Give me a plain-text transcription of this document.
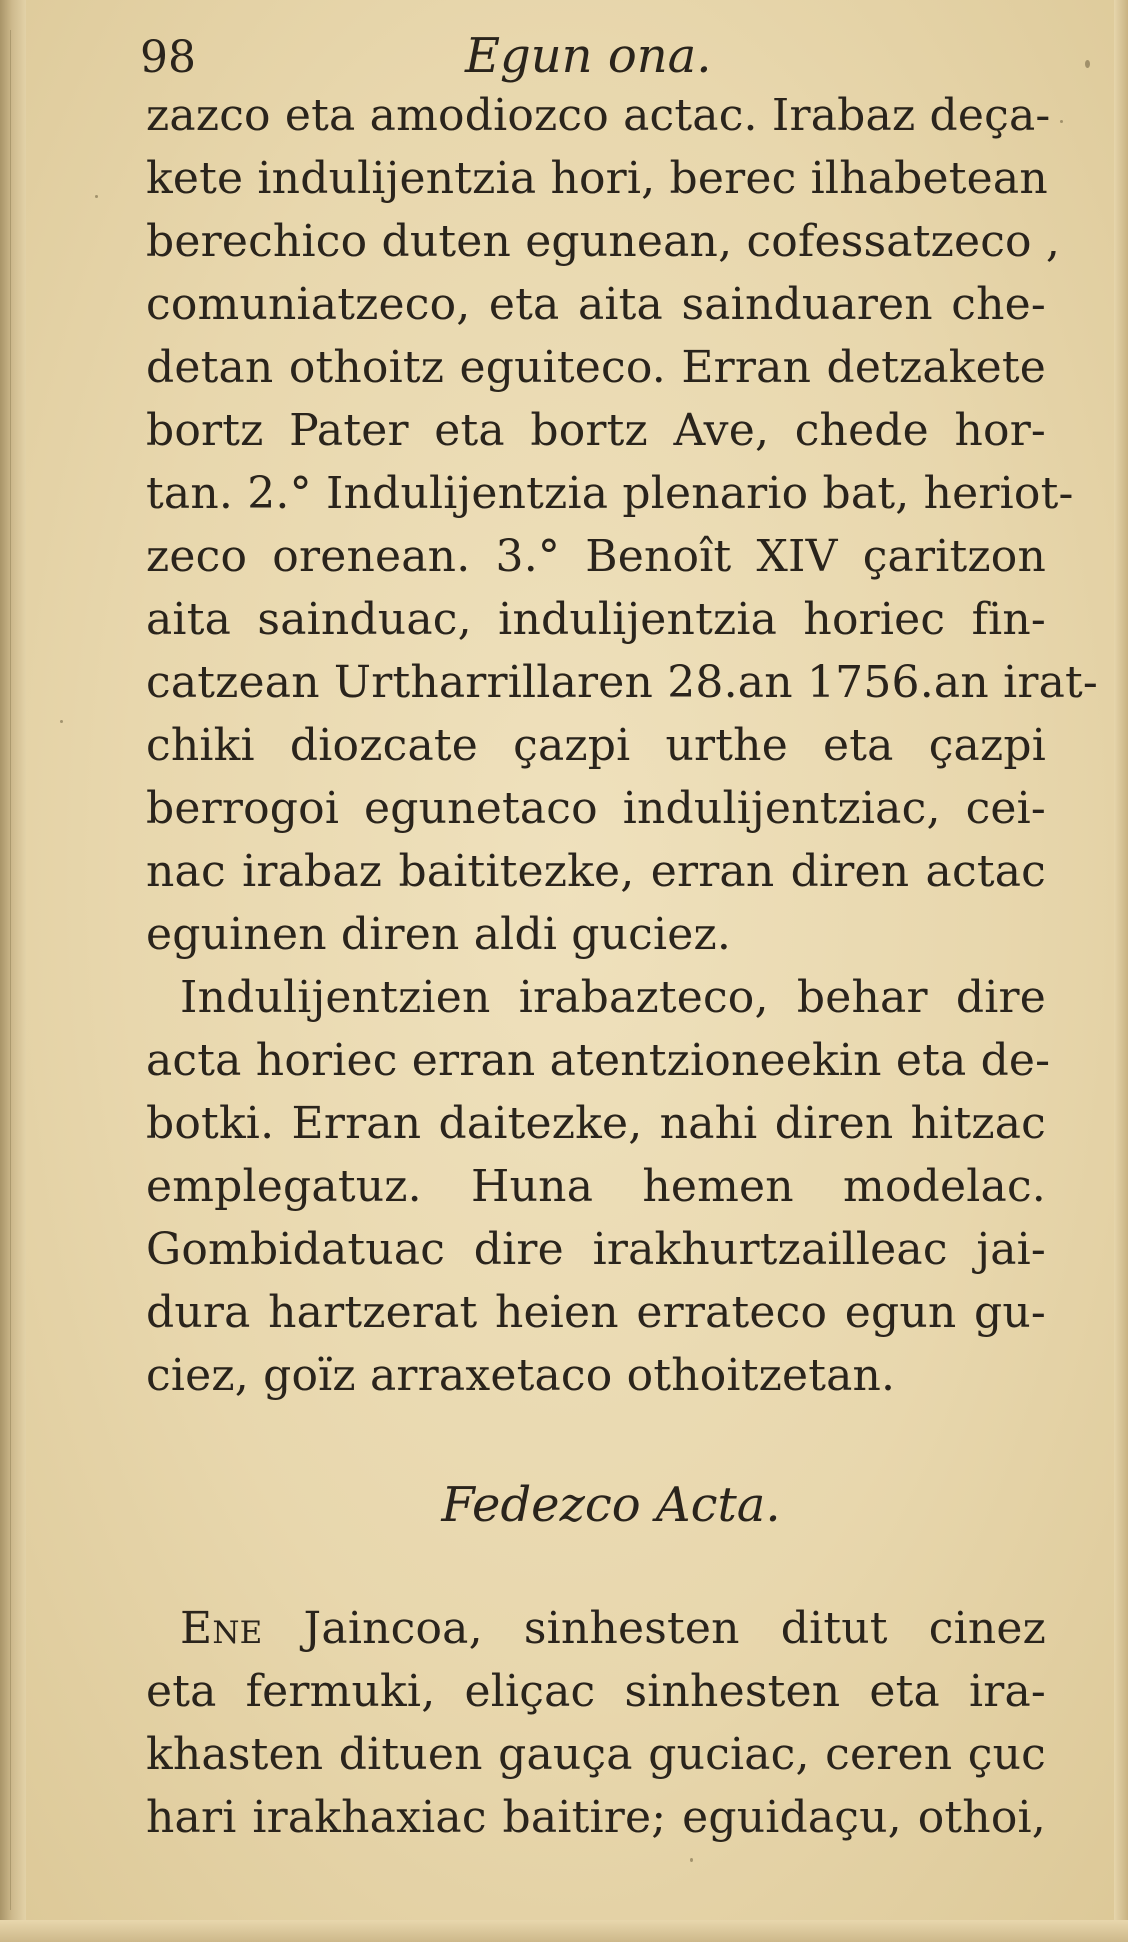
98	Egun ona.
zazco eta amodiozco actac. Irabaz deça-
kete indulijentzia hori, berec ilhabetean
berechico duten egunean, cofessatzeco ,
comuniatzeco, eta aita sainduaren che-
detan othoitz eguiteco. Erran detzakete
bortz Pater eta bortz Ave, chede hor-
tan. 2.° Indulijentzia plenario bat, heriot-
zeco orenean. 3.° Benoît XIV çaritzon
aita sainduac, indulijentzia horiec fin-
catzean Urtharrillaren 28.an 1756.an irat-
chiki diozcate çazpi urthe eta çazpi
berrogoi egunetaco indulijentziac, cei-
nac irabaz baititezke, erran diren actac
eguinen diren aldi guciez.
Indulijentzien irabazteco, behar dire
acta horiec erran atentzioneekin eta de-
botki. Erran daitezke, nahi diren hitzac
emplegatuz. Huna hemen modelac.
Gombidatuac dire irakhurtzailleac jai-
dura hartzerat heien errateco egun gu-
ciez, goïz arraxetaco othoitzetan.
Fedezco Acta.
Ene Jaincoa, sinhesten ditut cinez
eta fermuki, eliçac sinhesten eta ira-
khasten dituen gauça guciac, ceren çuc
hari irakhaxiac baitire; eguidaçu, othoi,
